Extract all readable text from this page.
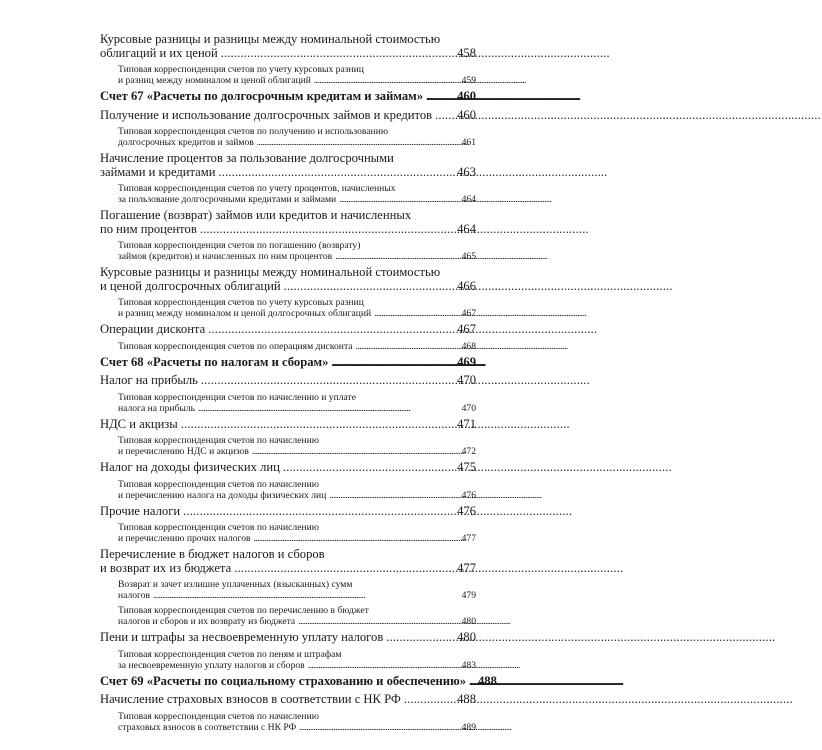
Курсовые разницы и разницы между номинальной стоимостью
облигаций и их ценой . . .	458
Типовая корреспонденция счетов по учету курсовых разниц
и разниц между номиналом и ценой облигаций . . .	459
Счет 67 «Расчеты по долгосрочным кредитам и займам» . . .	460
Получение и использование долгосрочных займов и кредитов . . . 460
Типовая корреспонденция счетов по получению и использованию
долгосрочных кредитов и займов . . .	461
Начисление процентов за пользование долгосрочными
займами и кредитами . . .	463
Типовая корреспонденция счетов по учету процентов, начисленных
за пользование долгосрочными кредитами и займами . . .	464
Погашение (возврат) займов или кредитов и начисленных
по ним процентов . . .	464
Типовая корреспонденция счетов по погашению (возврату)
займов (кредитов) и начисленных по ним процентов . . .	465
Курсовые разницы и разницы между номинальной стоимостью
и ценой долгосрочных облигаций . . .	466
Типовая корреспонденция счетов по учету курсовых разниц
и разниц между номиналом и ценой долгосрочных облигаций . . .	467
Операции дисконта . . .	467
Типовая корреспонденция счетов по операциям дисконта . . .	468
Счет 68 «Расчеты по налогам и сборам» . . .	469
Налог на прибыль . . .	470
Типовая корреспонденция счетов по начислению и уплате
налога на прибыль . . .	470
НДС и акцизы . . .	471
Типовая корреспонденция счетов по начислению
и перечислению НДС и акцизов . . .	472
Налог на доходы физических лиц . . .	475
Типовая корреспонденция счетов по начислению
и перечислению налога на доходы физических лиц . . .	476
Прочие налоги . . .	476
Типовая корреспонденция счетов по начислению
и перечислению прочих налогов . . .	477
Перечисление в бюджет налогов и сборов
и возврат их из бюджета . . .	477
Возврат и зачет излишне уплаченных (взысканных) сумм
налогов . . .	479
Типовая корреспонденция счетов по перечислению в бюджет
налогов и сборов и их возврату из бюджета . . .	480
Пени и штрафы за несвоевременную уплату налогов . . .	480
Типовая корреспонденция счетов по пеням и штрафам
за несвоевременную уплату налогов и сборов . . .	483
Счет 69 «Расчеты по социальному страхованию и обеспечению» . . . 488
Начисление страховых взносов в соответствии с НК РФ . . .	488
Типовая корреспонденция счетов по начислению
страховых взносов в соответствии с НК РФ . . .	489
